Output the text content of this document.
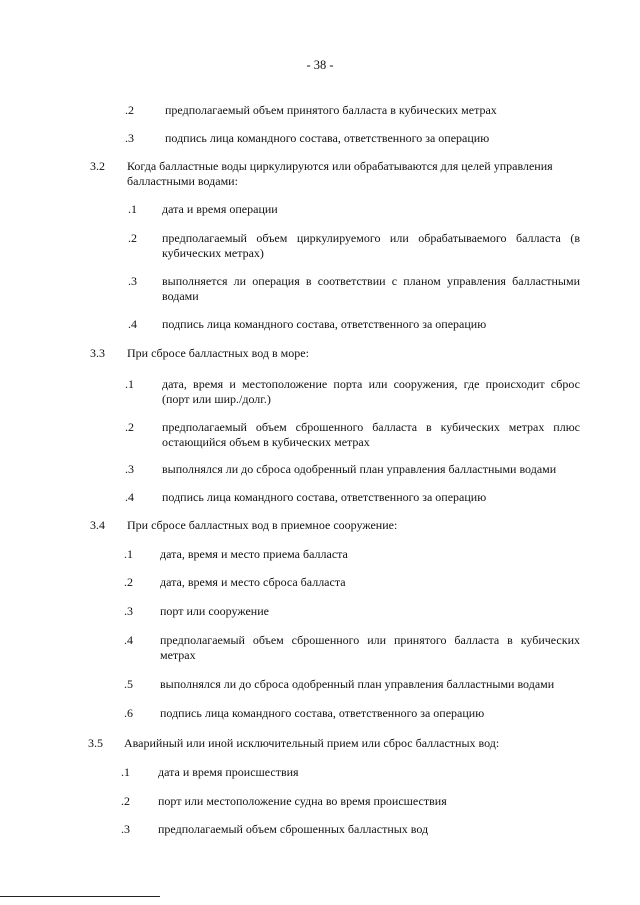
- 38 -
.2	предполагаемый объем принятого балласта в кубических метрах
.3	подпись лица командного состава, ответственного за операцию
3.2 Когда балластные воды циркулируются или обрабатываются для целей управления балластными водами:
.1 дата и время операции
.2 предполагаемый объем циркулируемого или обрабатываемого балласта (в кубических метрах)
.3 выполняется ли операция в соответствии с планом управления балластными водами
.4 подпись лица командного состава, ответственного за операцию
3.3 При сбросе балластных вод в море:
.1 дата, время и местоположение порта или сооружения, где происходит сброс (порт или шир./долг.)
.2 предполагаемый объем сброшенного балласта в кубических метрах плюс остающийся объем в кубических метрах
.3 выполнялся ли до сброса одобренный план управления балластными водами
.4 подпись лица командного состава, ответственного за операцию
3.4 При сбросе балластных вод в приемное сооружение:
.1 дата, время и место приема балласта
.2 дата, время и место сброса балласта
.3 порт или сооружение
.4 предполагаемый объем сброшенного или принятого балласта в кубических метрах
.5 выполнялся ли до сброса одобренный план управления балластными водами
.6 подпись лица командного состава, ответственного за операцию
3.5 Аварийный или иной исключительный прием или сброс балластных вод:
.1 дата и время происшествия
.2 порт или местоположение судна во время происшествия
.3 предполагаемый объем сброшенных балластных вод
